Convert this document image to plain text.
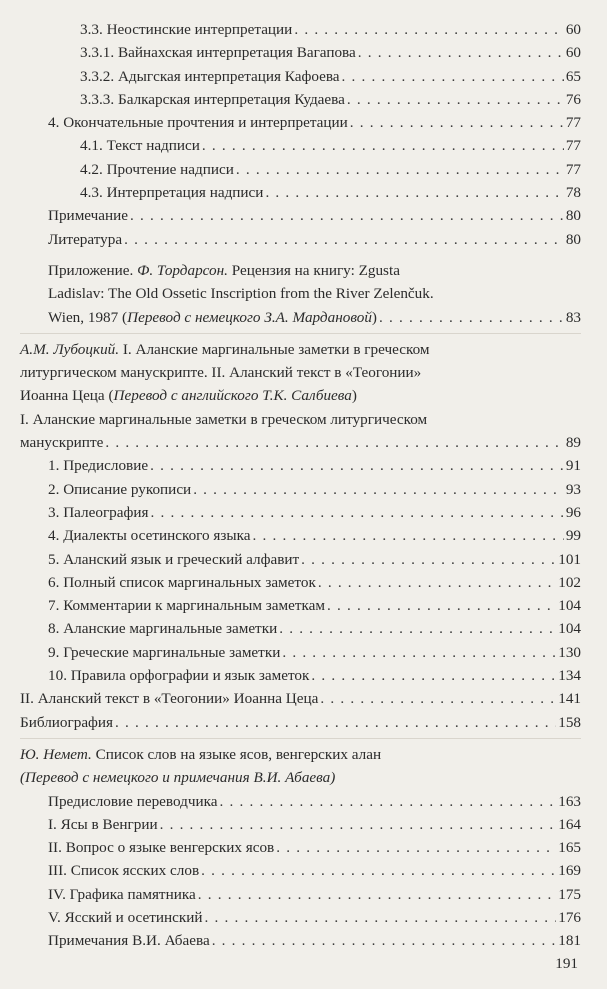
3.3. Неостинские интерпретации . . .	60
3.3.1. Вайнахская интерпретация Вагапова . . .	60
3.3.2. Адыгская интерпретация Кафоева . . .	65
3.3.3. Балкарская интерпретация Кудаева . . .	76
4. Окончательные прочтения и интерпретации . . .	77
4.1. Текст надписи . . .	77
4.2. Прочтение надписи . . .	77
4.3. Интерпретация надписи . . .	78
Примечание . . .	80
Литература . . .	80
Приложение. Ф. Тордарсон. Рецензия на книгу: Zgusta
Ladislav: The Old Ossetic Inscription from the River Zelenčuk.
Wien, 1987 (Перевод с немецкого З.А. Мардановой) . . .	83
А.М. Лубоцкий. I. Аланские маргинальные заметки в греческом
литургическом манускрипте. II. Аланский текст в «Теогонии»
Иоанна Цеца (Перевод с английского Т.К. Салбиева)
I. Аланские маргинальные заметки в греческом литургическом
манускрипте . . .	89
1. Предисловие . . .	91
2. Описание рукописи . . .	93
3. Палеография . . .	96
4. Диалекты осетинского языка . . .	99
5. Аланский язык и греческий алфавит . . .	101
6. Полный список маргинальных заметок . . .	102
7. Комментарии к маргинальным заметкам . . .	104
8. Аланские маргинальные заметки . . .	104
9. Греческие маргинальные заметки . . .	130
10. Правила орфографии и язык заметок . . .	134
II. Аланский текст в «Теогонии» Иоанна Цеца . . .	141
Библиография . . .	158
Ю. Немет. Список слов на языке ясов, венгерских алан
(Перевод с немецкого и примечания В.И. Абаева)
Предисловие переводчика . . .	163
I. Ясы в Венгрии . . .	164
II. Вопрос о языке венгерских ясов . . .	165
III. Список ясских слов . . .	169
IV. Графика памятника . . .	175
V. Ясский и осетинский . . .	176
Примечания В.И. Абаева . . .	181
191
